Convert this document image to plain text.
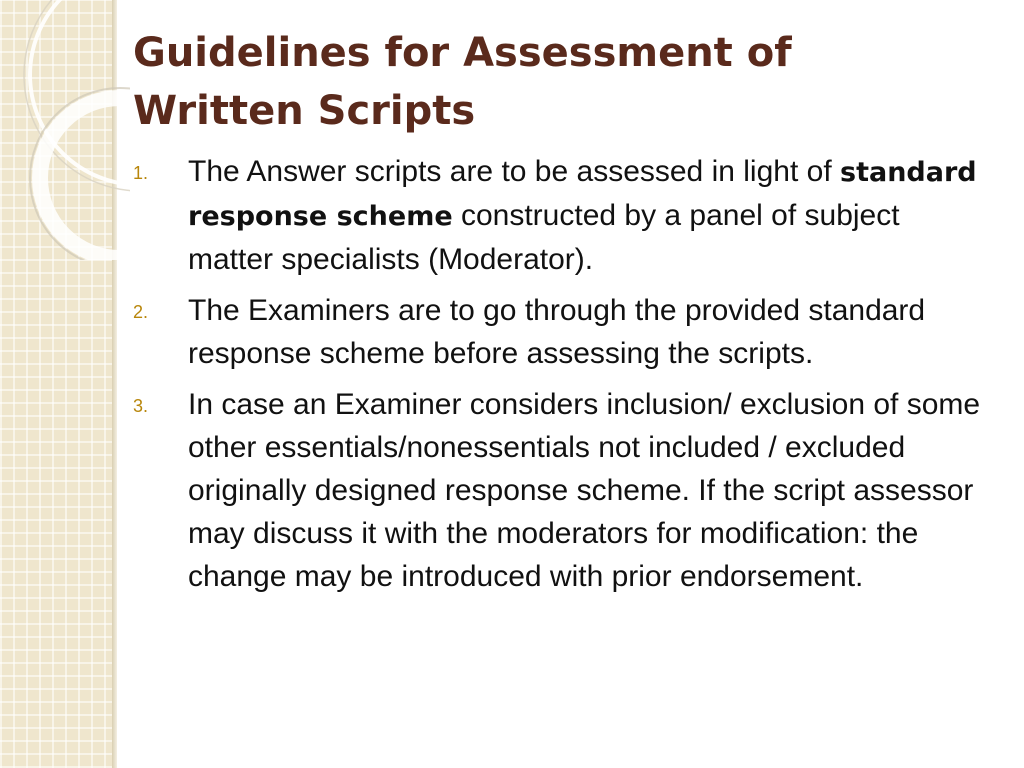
Guidelines for Assessment of
Written Scripts
1. The Answer scripts are to be assessed in light of standard response scheme constructed by a panel of subject matter specialists (Moderator).
2. The Examiners are to go through the provided standard response scheme before assessing the scripts.
3. In case an Examiner considers inclusion/ exclusion of some other essentials/nonessentials not included / excluded originally designed response scheme. If the script assessor may discuss it with the moderators for modification: the change may be introduced with prior endorsement.
